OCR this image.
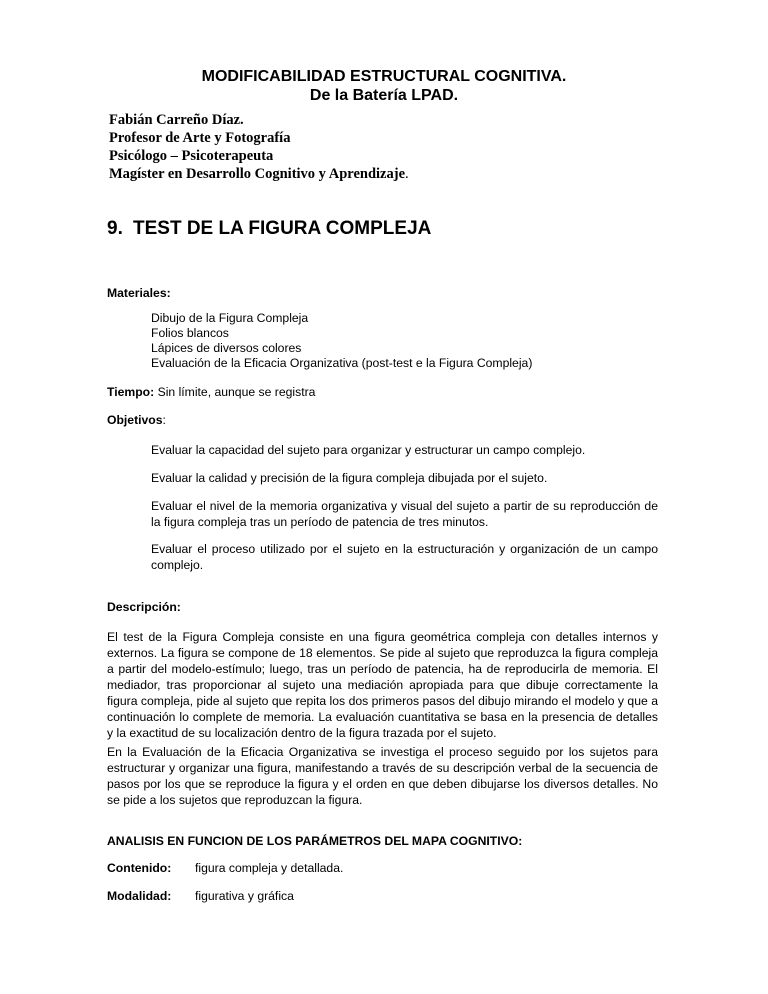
MODIFICABILIDAD ESTRUCTURAL COGNITIVA.
De la Batería LPAD.

Fabián Carreño Díaz.

Profesor de Arte y Fotografía

Psicólogo – Psicoterapeuta

Magíster en Desarrollo Cognitivo y Aprendizaje.

9. TEST DE LA FIGURA COMPLEJA

Materiales:

Dibujo de la Figura Compleja
Folios blancos
Lápices de diversos colores
Evaluación de la Eficacia Organizativa (post-test e la Figura Compleja)

Tiempo: Sin límite, aunque se registra

Objetivos:

Evaluar la capacidad del sujeto para organizar y estructurar un campo complejo.

Evaluar la calidad y precisión de la figura compleja dibujada por el sujeto.

Evaluar el nivel de la memoria organizativa y visual del sujeto a partir de su reproducción de la figura compleja tras un período de patencia de tres minutos.

Evaluar el proceso utilizado por el sujeto en la estructuración y organización de un campo complejo.

Descripción:

El test de la Figura Compleja consiste en una figura geométrica compleja con detalles internos y externos. La figura se compone de 18 elementos. Se pide al sujeto que reproduzca la figura compleja a partir del modelo-estímulo; luego, tras un período de patencia, ha de reproducirla de memoria. El mediador, tras proporcionar al sujeto una mediación apropiada para que dibuje correctamente la figura compleja, pide al sujeto que repita los dos primeros pasos del dibujo mirando el modelo y que a continuación lo complete de memoria. La evaluación cuantitativa se basa en la presencia de detalles y la exactitud de su localización dentro de la figura trazada por el sujeto.

En la Evaluación de la Eficacia Organizativa se investiga el proceso seguido por los sujetos para estructurar y organizar una figura, manifestando a través de su descripción verbal de la secuencia de pasos por los que se reproduce la figura y el orden en que deben dibujarse los diversos detalles. No se pide a los sujetos que reproduzcan la figura.

ANALISIS EN FUNCION DE LOS PARÁMETROS DEL MAPA COGNITIVO:

Contenido: figura compleja y detallada.

Modalidad: figurativa y gráfica
